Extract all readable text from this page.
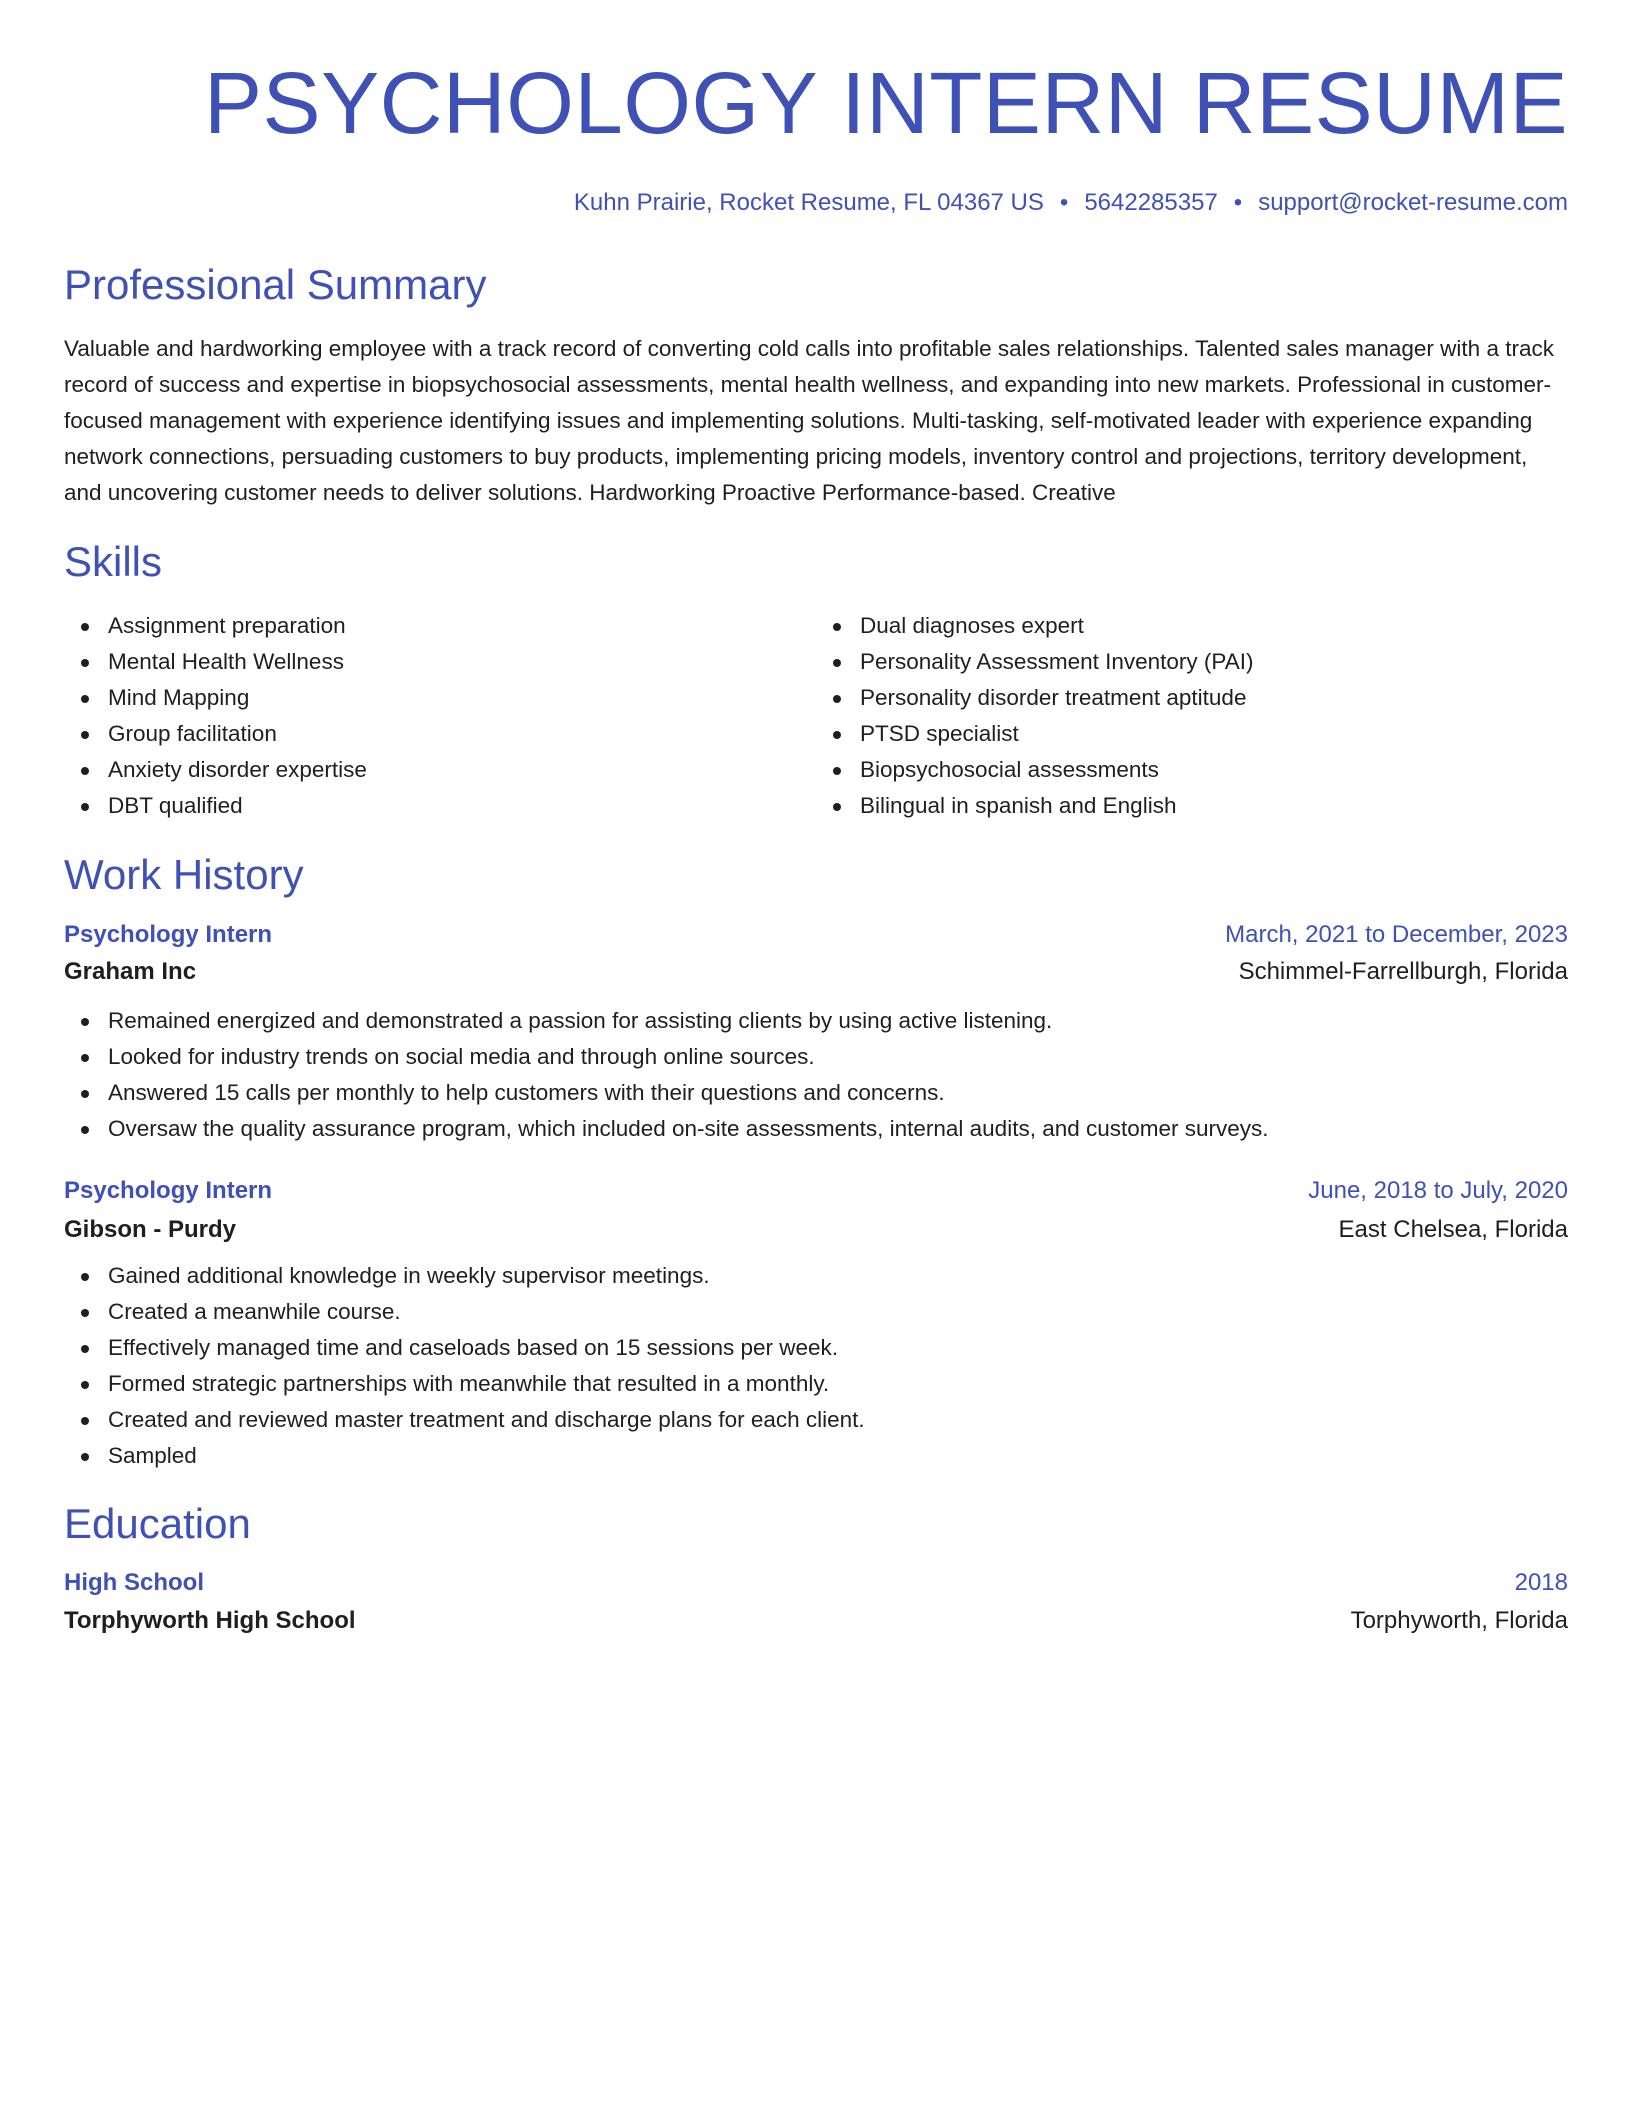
PSYCHOLOGY INTERN RESUME
Kuhn Prairie, Rocket Resume, FL 04367 US • 5642285357 • support@rocket-resume.com
Professional Summary

Valuable and hardworking employee with a track record of converting cold calls into profitable sales relationships. Talented sales manager with a track record of success and expertise in biopsychosocial assessments, mental health wellness, and expanding into new markets. Professional in customer-focused management with experience identifying issues and implementing solutions. Multi-tasking, self-motivated leader with experience expanding network connections, persuading customers to buy products, implementing pricing models, inventory control and projections, territory development, and uncovering customer needs to deliver solutions. Hardworking Proactive Performance-based. Creative

Skills
Assignment preparation
Mental Health Wellness
Mind Mapping
Group facilitation
Anxiety disorder expertise
DBT qualified
Dual diagnoses expert
Personality Assessment Inventory (PAI)
Personality disorder treatment aptitude
PTSD specialist
Biopsychosocial assessments
Bilingual in spanish and English
Work History
Psychology Intern	March, 2021 to December, 2023
Graham Inc	Schimmel-Farrellburgh, Florida
Remained energized and demonstrated a passion for assisting clients by using active listening.
Looked for industry trends on social media and through online sources.
Answered 15 calls per monthly to help customers with their questions and concerns.
Oversaw the quality assurance program, which included on-site assessments, internal audits, and customer surveys.
Psychology Intern	June, 2018 to July, 2020
Gibson - Purdy	East Chelsea, Florida
Gained additional knowledge in weekly supervisor meetings.
Created a meanwhile course.
Effectively managed time and caseloads based on 15 sessions per week.
Formed strategic partnerships with meanwhile that resulted in a monthly.
Created and reviewed master treatment and discharge plans for each client.
Sampled
Education
High School	2018
Torphyworth High School	Torphyworth, Florida
